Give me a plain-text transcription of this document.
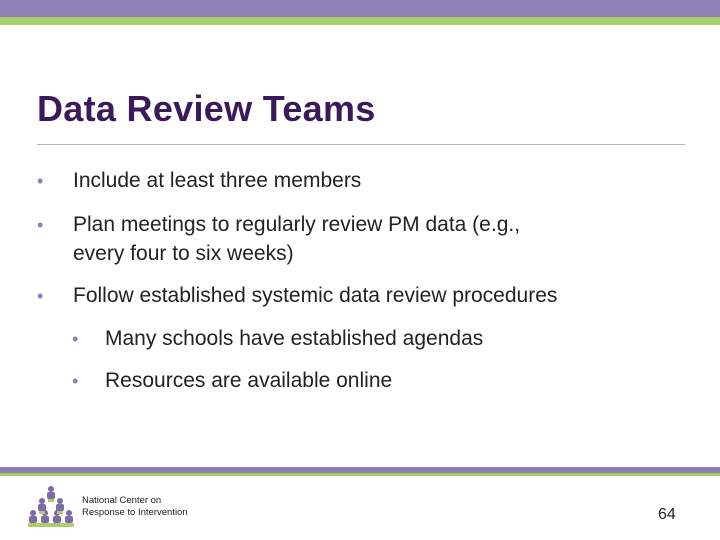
Data Review Teams
• Include at least three members
• Plan meetings to regularly review PM data (e.g.,
every four to six weeks)
• Follow established systemic data review procedures
• Many schools have established agendas
• Resources are available online
National Center on
Response to Intervention	64
